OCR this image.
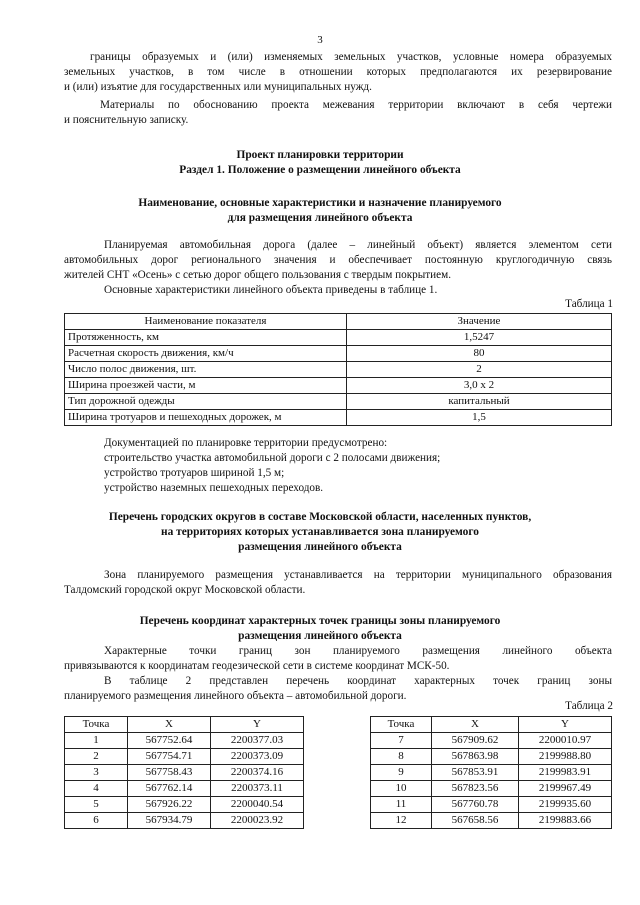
3
границы образуемых и (или) изменяемых земельных участков, условные номера образуемых
земельных участков, в том числе в отношении которых предполагаются их резервирование
и (или) изъятие для государственных или муниципальных нужд.
Материалы по обоснованию проекта межевания территории включают в себя чертежи
и пояснительную записку.
Проект планировки территории
Раздел 1. Положение о размещении линейного объекта
Наименование, основные характеристики и назначение планируемого
для размещения линейного объекта
Планируемая автомобильная дорога (далее – линейный объект) является элементом сети
автомобильных дорог регионального значения и обеспечивает постоянную круглогодичную связь
жителей СНТ «Осень» с сетью дорог общего пользования с твердым покрытием.
Основные характеристики линейного объекта приведены в таблице 1.
Таблица 1
Наименование показателя	Значение
Протяженность, км	1,5247
Расчетная скорость движения, км/ч	80
Число полос движения, шт.	2
Ширина проезжей части, м	3,0 х 2
Тип дорожной одежды	капитальный
Ширина тротуаров и пешеходных дорожек, м	1,5
Документацией по планировке территории предусмотрено:
строительство участка автомобильной дороги с 2 полосами движения;
устройство тротуаров шириной 1,5 м;
устройство наземных пешеходных переходов.
Перечень городских округов в составе Московской области, населенных пунктов,
на территориях которых устанавливается зона планируемого
размещения линейного объекта
Зона планируемого размещения устанавливается на территории муниципального образования
Талдомский городской округ Московской области.
Перечень координат характерных точек границы зоны планируемого
размещения линейного объекта
Характерные точки границ зон планируемого размещения линейного объекта
привязываются к координатам геодезической сети в системе координат МСК-50.
В таблице 2 представлен перечень координат характерных точек границ зоны
планируемого размещения линейного объекта – автомобильной дороги.
Таблица 2
Точка	X	Y
1	567752.64	2200377.03
2	567754.71	2200373.09
3	567758.43	2200374.16
4	567762.14	2200373.11
5	567926.22	2200040.54
6	567934.79	2200023.92
Точка	X	Y
7	567909.62	2200010.97
8	567863.98	2199988.80
9	567853.91	2199983.91
10	567823.56	2199967.49
11	567760.78	2199935.60
12	567658.56	2199883.66
